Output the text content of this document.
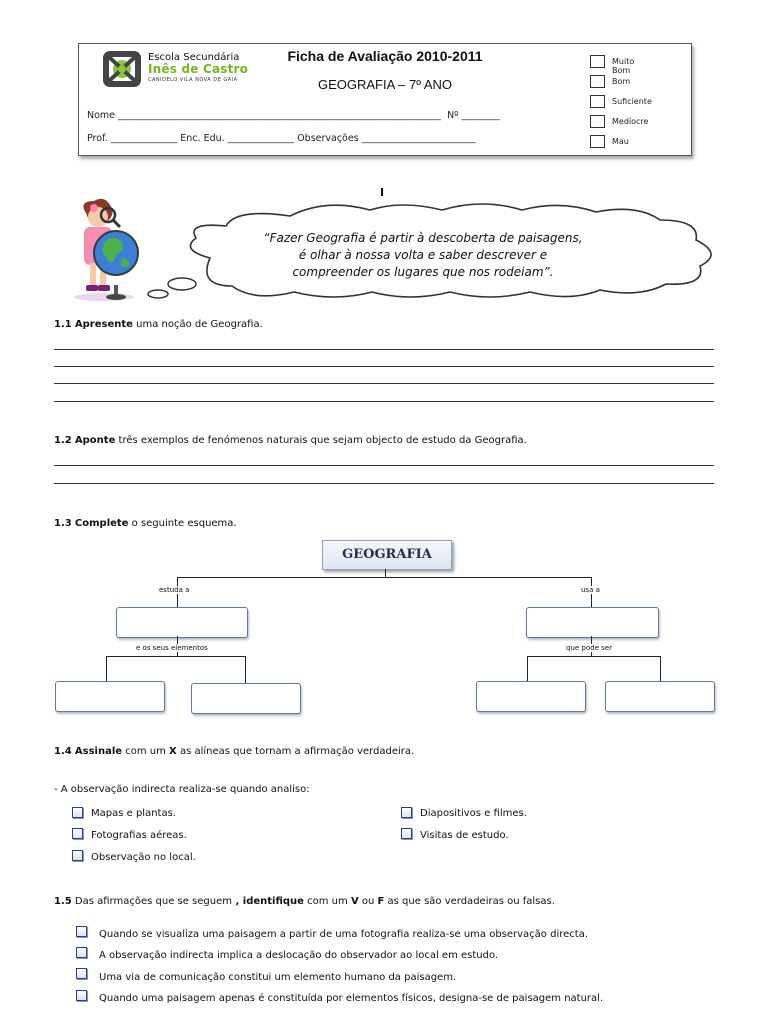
Escola Secundária
Inês de Castro
CANIDELO VILA NOVA DE GAIA
Ficha de Avaliação 2010-2011
GEOGRAFIA – 7º ANO
Nome ____________________________________________________________________  Nº ________
Prof. ______________ Enc. Edu. ______________ Observações ________________________
Muito Bom
Bom
Suficiente
Medíocre
Mau
I
“Fazer Geografia é partir à descoberta de paisagens,
é olhar à nossa volta e saber descrever e
compreender os lugares que nos rodeiam”.
1.1 Apresente uma noção de Geografia.
1.2 Aponte três exemplos de fenómenos naturais que sejam objecto de estudo da Geografia.
1.3 Complete o seguinte esquema.
GEOGRAFIA
estuda a	usa a
e os seus elementos	que pode ser
1.4 Assinale com um X as alíneas que tornam a afirmação verdadeira.
- A observação indirecta realiza-se quando analiso:
Mapas e plantas.
Fotografias aéreas.
Observação no local.
Diapositivos e filmes.
Visitas de estudo.
1.5 Das afirmações que se seguem , identifique com um V ou F as que são verdadeiras ou falsas.
Quando se visualiza uma paisagem a partir de uma fotografia realiza-se uma observação directa.
A observação indirecta implica a deslocação do observador ao local em estudo.
Uma via de comunicação constitui um elemento humano da paisagem.
Quando uma paisagem apenas é constituída por elementos físicos, designa-se de paisagem natural.
